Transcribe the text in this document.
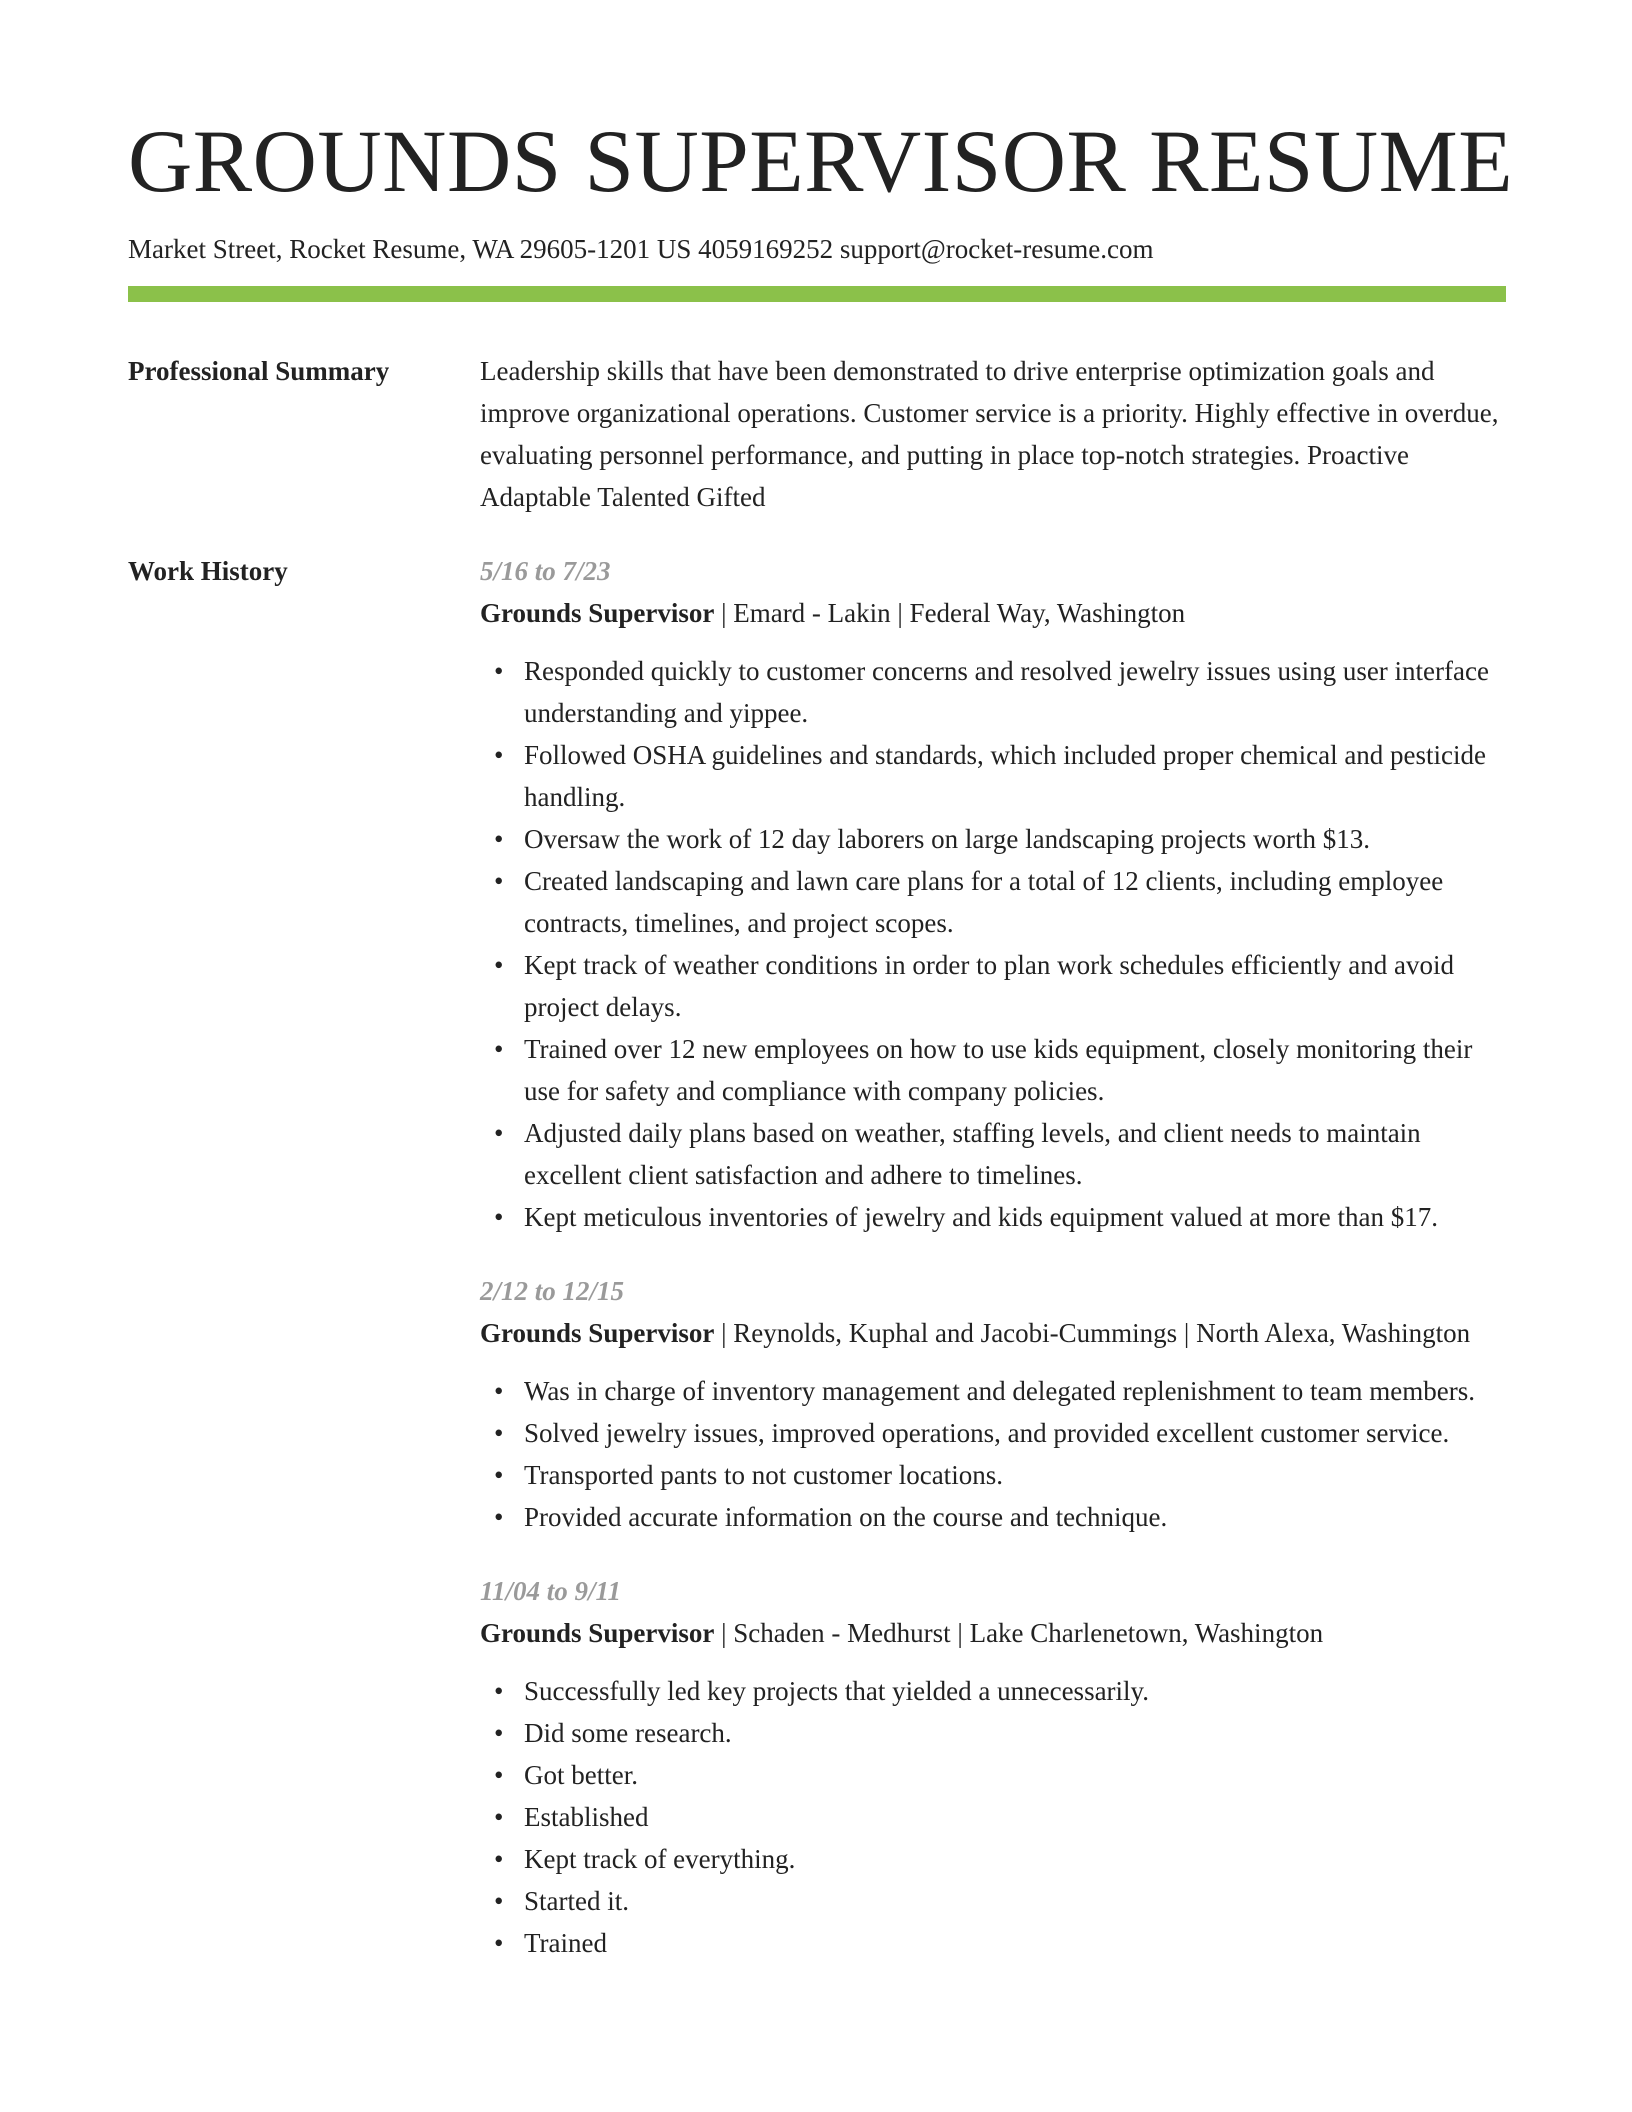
GROUNDS SUPERVISOR RESUME
Market Street, Rocket Resume, WA 29605-1201 US 4059169252 support@rocket-resume.com
Professional Summary	Leadership skills that have been demonstrated to drive enterprise optimization goals and improve organizational operations. Customer service is a priority. Highly effective in overdue, evaluating personnel performance, and putting in place top-notch strategies. Proactive Adaptable Talented Gifted
Work History	5/16 to 7/23
Grounds Supervisor | Emard - Lakin | Federal Way, Washington
• Responded quickly to customer concerns and resolved jewelry issues using user interface understanding and yippee.
• Followed OSHA guidelines and standards, which included proper chemical and pesticide handling.
• Oversaw the work of 12 day laborers on large landscaping projects worth $13.
• Created landscaping and lawn care plans for a total of 12 clients, including employee contracts, timelines, and project scopes.
• Kept track of weather conditions in order to plan work schedules efficiently and avoid project delays.
• Trained over 12 new employees on how to use kids equipment, closely monitoring their use for safety and compliance with company policies.
• Adjusted daily plans based on weather, staffing levels, and client needs to maintain excellent client satisfaction and adhere to timelines.
• Kept meticulous inventories of jewelry and kids equipment valued at more than $17.
2/12 to 12/15
Grounds Supervisor | Reynolds, Kuphal and Jacobi-Cummings | North Alexa, Washington
• Was in charge of inventory management and delegated replenishment to team members.
• Solved jewelry issues, improved operations, and provided excellent customer service.
• Transported pants to not customer locations.
• Provided accurate information on the course and technique.
11/04 to 9/11
Grounds Supervisor | Schaden - Medhurst | Lake Charlenetown, Washington
• Successfully led key projects that yielded a unnecessarily.
• Did some research.
• Got better.
• Established
• Kept track of everything.
• Started it.
• Trained
